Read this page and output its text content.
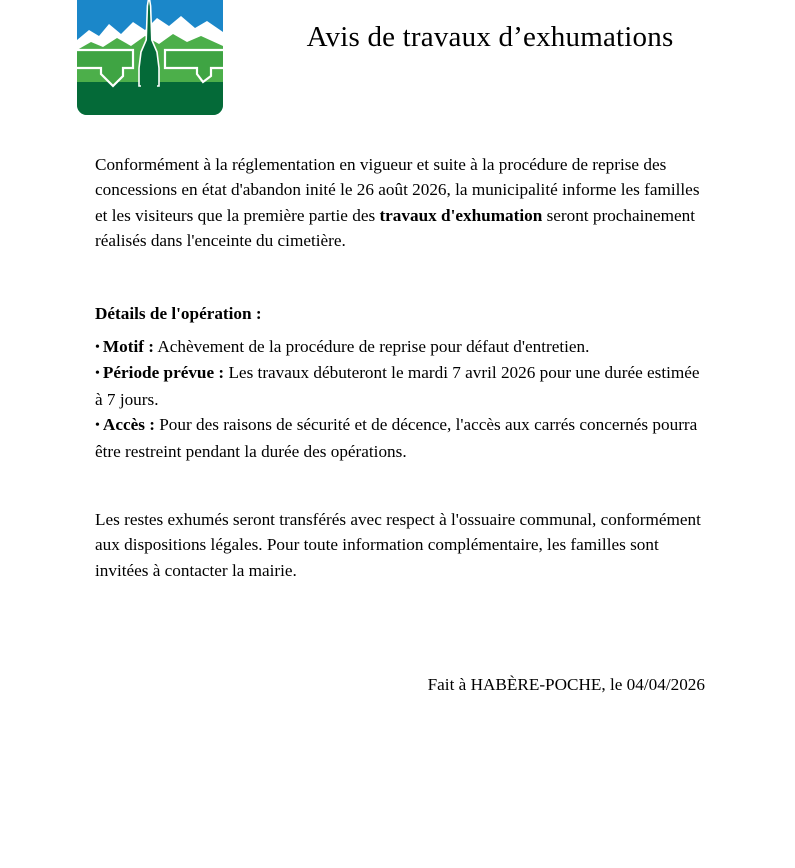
Avis de travaux d’exhumations

Conformément à la réglementation en vigueur et suite à la procédure de reprise des concessions en état d'abandon inité le 26 août 2026, la municipalité informe les familles et les visiteurs que la première partie des travaux d'exhumation seront prochainement réalisés dans l'enceinte du cimetière.

Détails de l'opération :

• Motif : Achèvement de la procédure de reprise pour défaut d'entretien.
• Période prévue : Les travaux débuteront le mardi 7 avril 2026 pour une durée estimée à 7 jours.
• Accès : Pour des raisons de sécurité et de décence, l'accès aux carrés concernés pourra être restreint pendant la durée des opérations.

Les restes exhumés seront transférés avec respect à l'ossuaire communal, conformément aux dispositions légales. Pour toute information complémentaire, les familles sont invitées à contacter la mairie.

Fait à HABÈRE-POCHE, le 04/04/2026
